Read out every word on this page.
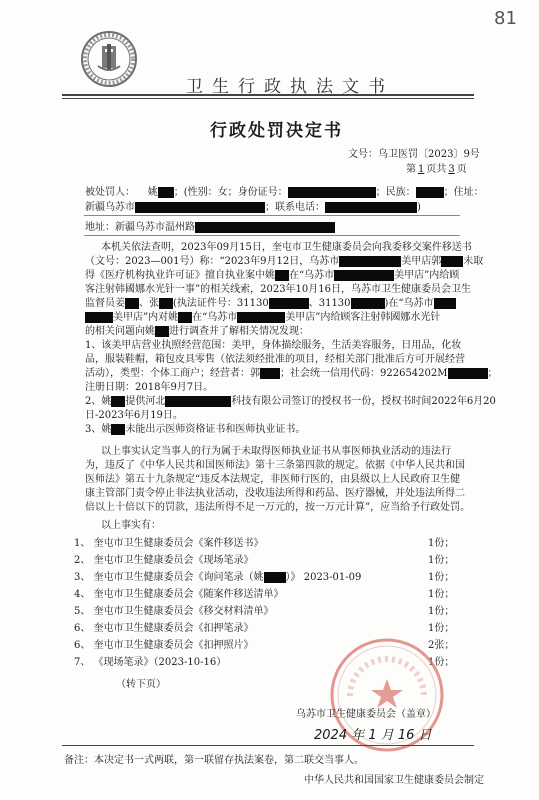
81
卫生行政执法文书
行政处罚决定书
文号：乌卫医罚〔2023〕9号
第 1 页共 3 页
被处罚人： 姚 ；(性别：女；身份证号：	；民族：	；住址：
新疆乌苏市	；联系电话：	)
地址：新疆乌苏市温州路
本机关依法查明，2023年09月15日，奎屯市卫生健康委员会向我委移交案件移送书
（文号：2023—001号）称：“2023年9月12日，乌苏市	美甲店郭 未取
得《医疗机构执业许可证》擅自执业案中姚 在“乌苏市	美甲店”内给顾
客注射韩國娜水光针一事”的相关线索，2023年10月16日，乌苏市卫生健康委员会卫生
监督员姜 、张 (执法证件号：31130	、31130	)在“乌苏市
美甲店”内对姚 在“乌苏市	美甲店”内给顾客注射韩國娜水光针
的相关问题向姚 进行调查并了解相关情况发现：
1、该美甲店营业执照经营范围：美甲，身体描绘服务，生活美容服务，日用品，化妆
品，服装鞋帽，箱包皮具零售（依法须经批准的项目，经相关部门批准后方可开展经营
活动），类型：个体工商户；经营者：郭 ；社会统一信用代码：922654202M	；
注册日期：2018年9月7日。
2、姚 提供河北	科技有限公司签订的授权书一份，授权书时间2022年6月20
日-2023年6月19日。
3、姚 未能出示医师资格证书和医师执业证书。
以上事实认定当事人的行为属于未取得医师执业证书从事医师执业活动的违法行
为，违反了《中华人民共和国医师法》第十三条第四款的规定。依据《中华人民共和国
医师法》第五十九条规定“违反本法规定，非医师行医的，由县级以上人民政府卫生健
康主管部门责令停止非法执业活动，没收违法所得和药品、医疗器械，并处违法所得二
倍以上十倍以下的罚款，违法所得不足一万元的，按一万元计算”，应当给予行政处罚。
以上事实有：
1、 奎屯市卫生健康委员会《案件移送书》	1份；
2、 奎屯市卫生健康委员会《现场笔录》	1份；
3、 奎屯市卫生健康委员会《询问笔录（姚 ）》 2023-01-09	1份；
4、 奎屯市卫生健康委员会《随案件移送清单》	1份；
5、 奎屯市卫生健康委员会《移交材料清单》	1份；
6、 奎屯市卫生健康委员会《扣押笔录》	1份；
6、 奎屯市卫生健康委员会《扣押照片》	2张；
7、 《现场笔录》（2023-10-16）	1份；
（转下页）
乌苏市卫生健康委员会（盖章）
2024 年 1 月 16 日
备注：本决定书一式两联，第一联留存执法案卷，第二联交当事人。
中华人民共和国国家卫生健康委员会制定
